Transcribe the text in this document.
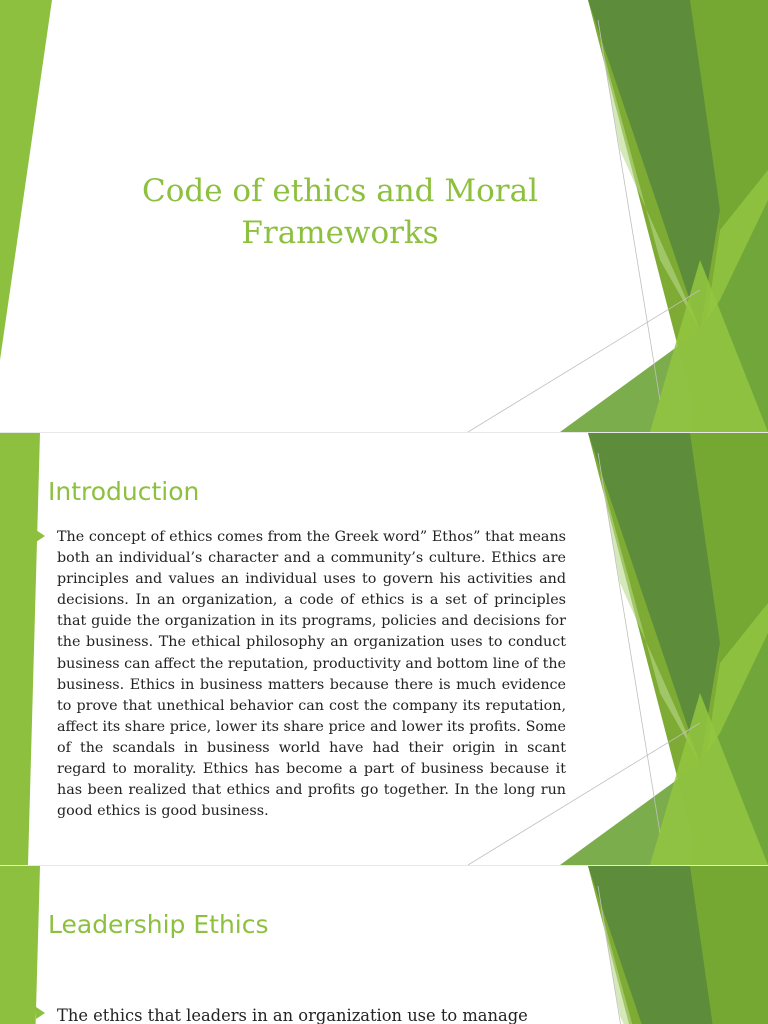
Code of ethics and Moral
Frameworks
Introduction

The concept of ethics comes from the Greek word” Ethos” that means both an individual’s character and a community’s culture. Ethics are principles and values an individual uses to govern his activities and decisions. In an organization, a code of ethics is a set of principles that guide the organization in its programs, policies and decisions for the business. The ethical philosophy an organization uses to conduct business can affect the reputation, productivity and bottom line of the business. Ethics in business matters because there is much evidence to prove that unethical behavior can cost the company its reputation, affect its share price, lower its share price and lower its profits. Some of the scandals in business world have had their origin in scant regard to morality. Ethics has become a part of business because it has been realized that ethics and profits go together. In the long run good ethics is good business.

Leadership Ethics

The ethics that leaders in an organization use to manage
